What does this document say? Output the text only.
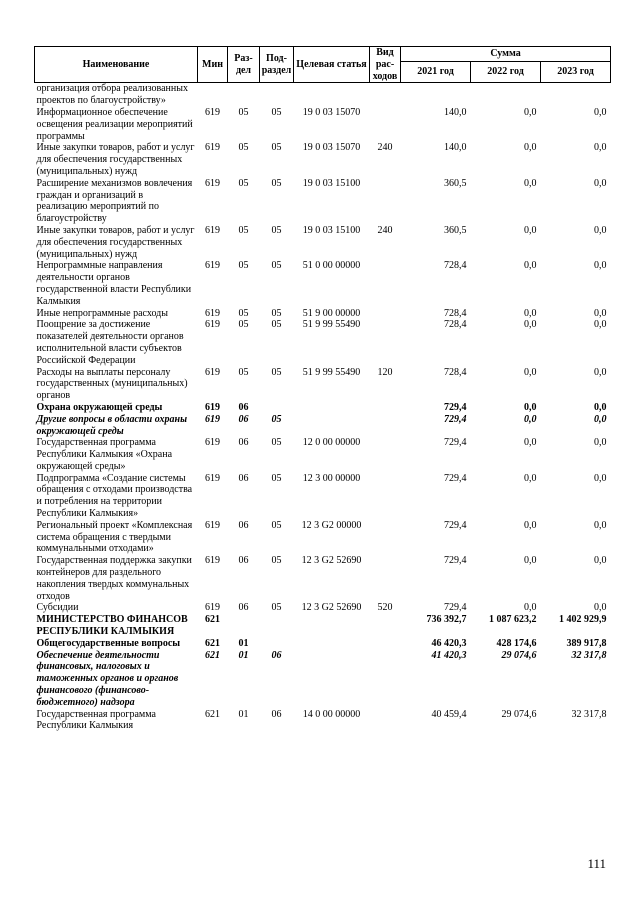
Наименование	Мин	Раз-дел	Под-раздел	Целевая статья	Вид рас-ходов	Сумма		
						2021 год	2022 год	2023 год
организация отбора реализованных проектов по благоустройству»								
Информационное обеспечение освещения реализации мероприятий программы	619	05	05	19 0 03 15070		140,0	0,0	0,0
Иные закупки товаров, работ и услуг для обеспечения государственных (муниципальных) нужд	619	05	05	19 0 03 15070	240	140,0	0,0	0,0
Расширение механизмов вовлечения граждан и организаций в реализацию мероприятий по благоустройству	619	05	05	19 0 03 15100		360,5	0,0	0,0
Иные закупки товаров, работ и услуг для обеспечения государственных (муниципальных) нужд	619	05	05	19 0 03 15100	240	360,5	0,0	0,0
Непрограммные направления деятельности органов государственной власти Республики Калмыкия	619	05	05	51 0 00 00000		728,4	0,0	0,0
Иные непрограммные расходы	619	05	05	51 9 00 00000		728,4	0,0	0,0
Поощрение за достижение показателей деятельности органов исполнительной власти субъектов Российской Федерации	619	05	05	51 9 99 55490		728,4	0,0	0,0
Расходы на выплаты персоналу государственных (муниципальных) органов	619	05	05	51 9 99 55490	120	728,4	0,0	0,0
Охрана окружающей среды	619	06				729,4	0,0	0,0
Другие вопросы в области охраны окружающей среды	619	06	05			729,4	0,0	0,0
Государственная программа Республики Калмыкия «Охрана окружающей среды»	619	06	05	12 0 00 00000		729,4	0,0	0,0
Подпрограмма «Создание системы обращения с отходами производства и потребления на территории Республики Калмыкия»	619	06	05	12 3 00 00000		729,4	0,0	0,0
Региональный проект «Комплексная система обращения с твердыми коммунальными отходами»	619	06	05	12 3 G2 00000		729,4	0,0	0,0
Государственная поддержка закупки контейнеров для раздельного накопления твердых коммунальных отходов	619	06	05	12 3 G2 52690		729,4	0,0	0,0
Субсидии	619	06	05	12 3 G2 52690	520	729,4	0,0	0,0
МИНИСТЕРСТВО ФИНАНСОВ РЕСПУБЛИКИ КАЛМЫКИЯ	621					736 392,7	1 087 623,2	1 402 929,9
Общегосударственные вопросы	621	01				46 420,3	428 174,6	389 917,8
Обеспечение деятельности финансовых, налоговых и таможенных органов и органов финансового (финансово-бюджетного) надзора	621	01	06			41 420,3	29 074,6	32 317,8
Государственная программа Республики Калмыкия	621	01	06	14 0 00 00000		40 459,4	29 074,6	32 317,8
111
